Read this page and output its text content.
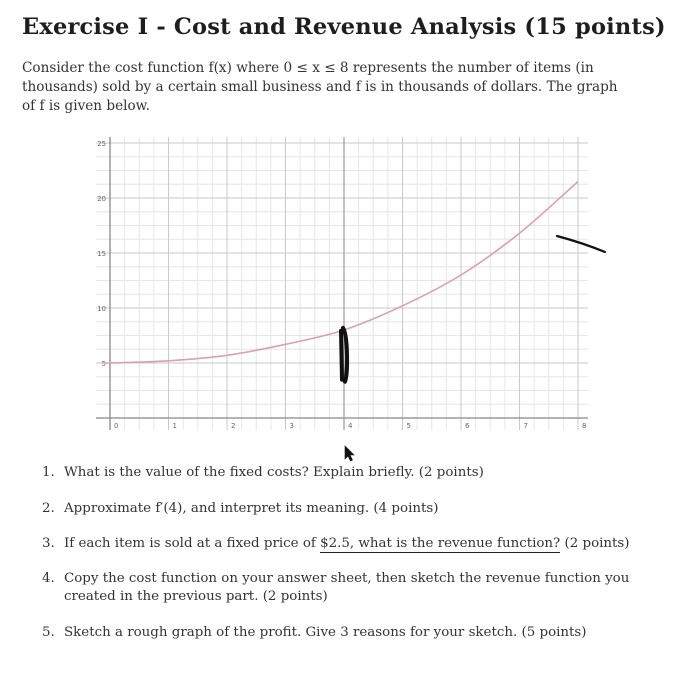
Exercise I - Cost and Revenue Analysis (15 points)
Consider the cost function f(x) where 0 ≤ x ≤ 8 represents the number of items (in
thousands) sold by a certain small business and f is in thousands of dollars. The graph
of f is given below.
0	1	2	3	4	5	6	7	8
5
10
15
20
25
1. What is the value of the fixed costs? Explain briefly. (2 points)
2. Approximate f′(4), and interpret its meaning. (4 points)
3. If each item is sold at a fixed price of $2.5, what is the revenue function? (2 points)
4. Copy the cost function on your answer sheet, then sketch the revenue function you
created in the previous part. (2 points)
5. Sketch a rough graph of the profit. Give 3 reasons for your sketch. (5 points)
